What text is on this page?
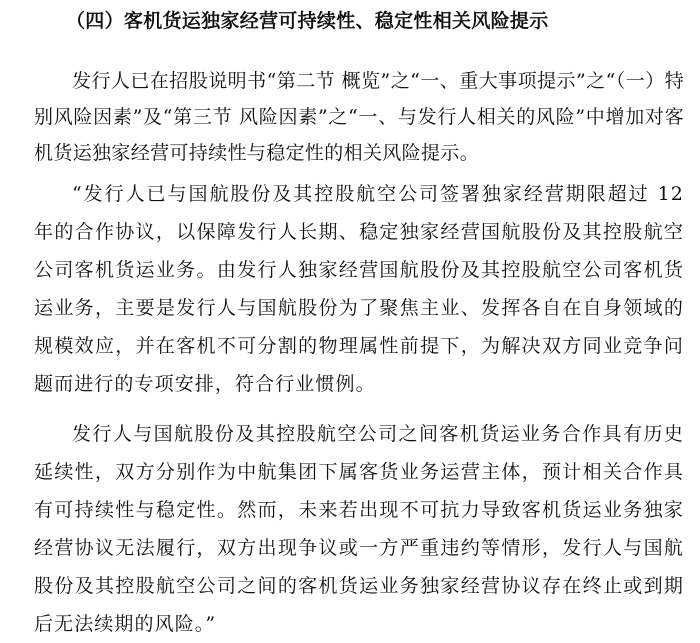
（四）客机货运独家经营可持续性、稳定性相关风险提示

发行人已在招股说明书“第二节 概览”之“一、重大事项提示”之“（一）特别风险因素”及“第三节 风险因素”之“一、与发行人相关的风险”中增加对客机货运独家经营可持续性与稳定性的相关风险提示。

“发行人已与国航股份及其控股航空公司签署独家经营期限超过 12 年的合作协议，以保障发行人长期、稳定独家经营国航股份及其控股航空公司客机货运业务。由发行人独家经营国航股份及其控股航空公司客机货运业务，主要是发行人与国航股份为了聚焦主业、发挥各自在自身领域的规模效应，并在客机不可分割的物理属性前提下，为解决双方同业竞争问题而进行的专项安排，符合行业惯例。

发行人与国航股份及其控股航空公司之间客机货运业务合作具有历史延续性，双方分别作为中航集团下属客货业务运营主体，预计相关合作具有可持续性与稳定性。然而，未来若出现不可抗力导致客机货运业务独家经营协议无法履行，双方出现争议或一方严重违约等情形，发行人与国航股份及其控股航空公司之间的客机货运业务独家经营协议存在终止或到期后无法续期的风险。”
